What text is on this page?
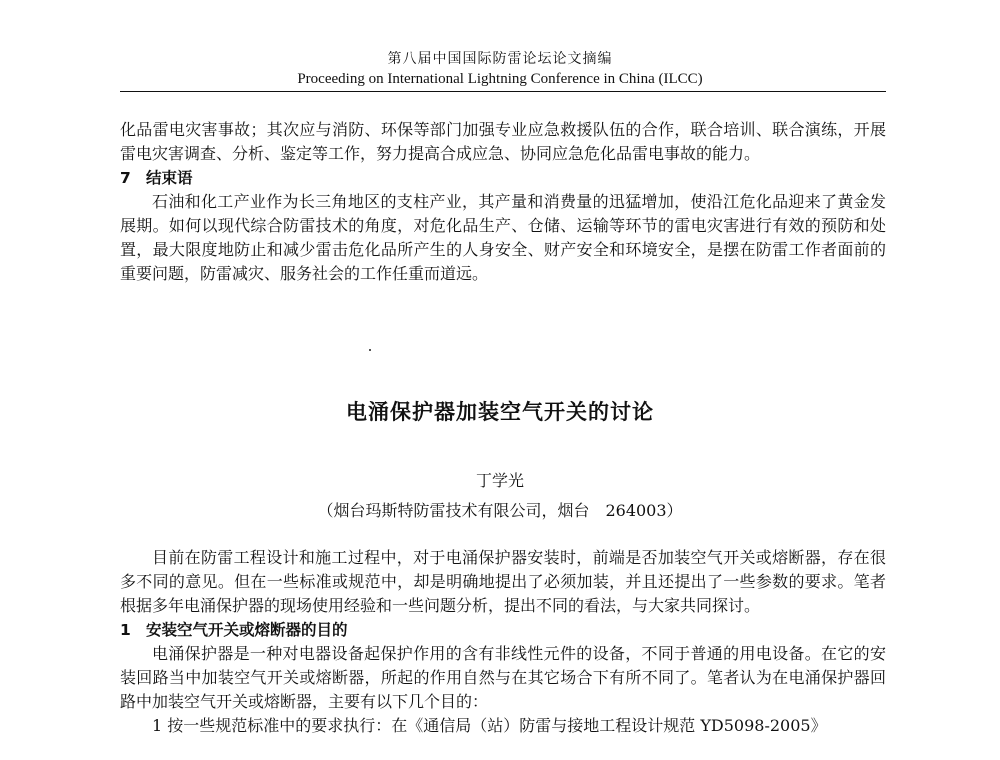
第八届中国国际防雷论坛论文摘编
Proceeding on International Lightning Conference in China (ILCC)

化品雷电灾害事故；其次应与消防、环保等部门加强专业应急救援队伍的合作，联合培训、联合演练，开展雷电灾害调查、分析、鉴定等工作，努力提高合成应急、协同应急危化品雷电事故的能力。

7 结束语

石油和化工产业作为长三角地区的支柱产业，其产量和消费量的迅猛增加，使沿江危化品迎来了黄金发展期。如何以现代综合防雷技术的角度，对危化品生产、仓储、运输等环节的雷电灾害进行有效的预防和处置，最大限度地防止和减少雷击危化品所产生的人身安全、财产安全和环境安全，是摆在防雷工作者面前的重要问题，防雷减灾、服务社会的工作任重而道远。

电涌保护器加装空气开关的讨论
丁学光
（烟台玛斯特防雷技术有限公司，烟台　264003）

目前在防雷工程设计和施工过程中，对于电涌保护器安装时，前端是否加装空气开关或熔断器，存在很多不同的意见。但在一些标准或规范中，却是明确地提出了必须加装，并且还提出了一些参数的要求。笔者根据多年电涌保护器的现场使用经验和一些问题分析，提出不同的看法，与大家共同探讨。

1 安装空气开关或熔断器的目的

电涌保护器是一种对电器设备起保护作用的含有非线性元件的设备，不同于普通的用电设备。在它的安装回路当中加装空气开关或熔断器，所起的作用自然与在其它场合下有所不同了。笔者认为在电涌保护器回路中加装空气开关或熔断器，主要有以下几个目的：

1 按一些规范标准中的要求执行：在《通信局（站）防雷与接地工程设计规范 YD5098-2005》
